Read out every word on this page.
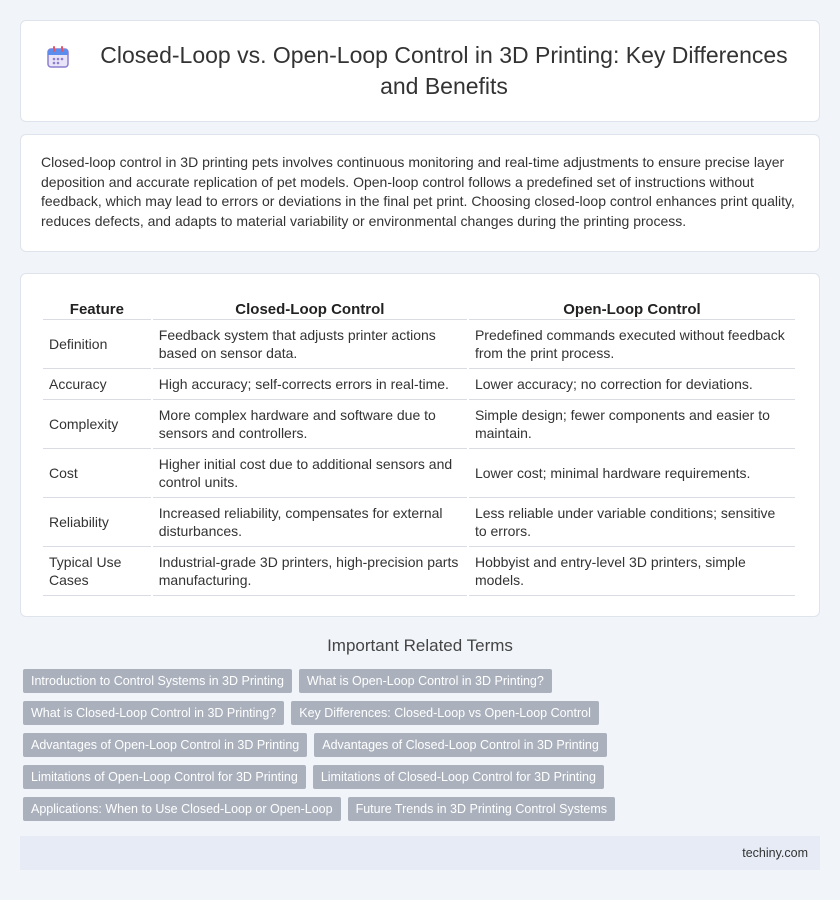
Closed-Loop vs. Open-Loop Control in 3D Printing: Key Differences and Benefits

Closed-loop control in 3D printing pets involves continuous monitoring and real-time adjustments to ensure precise layer deposition and accurate replication of pet models. Open-loop control follows a predefined set of instructions without feedback, which may lead to errors or deviations in the final pet print. Choosing closed-loop control enhances print quality, reduces defects, and adapts to material variability or environmental changes during the printing process.

Feature	Closed-Loop Control	Open-Loop Control
Definition	Feedback system that adjusts printer actions based on sensor data.	Predefined commands executed without feedback from the print process.
Accuracy	High accuracy; self-corrects errors in real-time.	Lower accuracy; no correction for deviations.
Complexity	More complex hardware and software due to sensors and controllers.	Simple design; fewer components and easier to maintain.
Cost	Higher initial cost due to additional sensors and control units.	Lower cost; minimal hardware requirements.
Reliability	Increased reliability, compensates for external disturbances.	Less reliable under variable conditions; sensitive to errors.
Typical Use Cases	Industrial-grade 3D printers, high-precision parts manufacturing.	Hobbyist and entry-level 3D printers, simple models.
Important Related Terms
Introduction to Control Systems in 3D Printing	What is Open-Loop Control in 3D Printing?
What is Closed-Loop Control in 3D Printing?	Key Differences: Closed-Loop vs Open-Loop Control
Advantages of Open-Loop Control in 3D Printing	Advantages of Closed-Loop Control in 3D Printing
Limitations of Open-Loop Control for 3D Printing	Limitations of Closed-Loop Control for 3D Printing
Applications: When to Use Closed-Loop or Open-Loop	Future Trends in 3D Printing Control Systems
techiny.com
